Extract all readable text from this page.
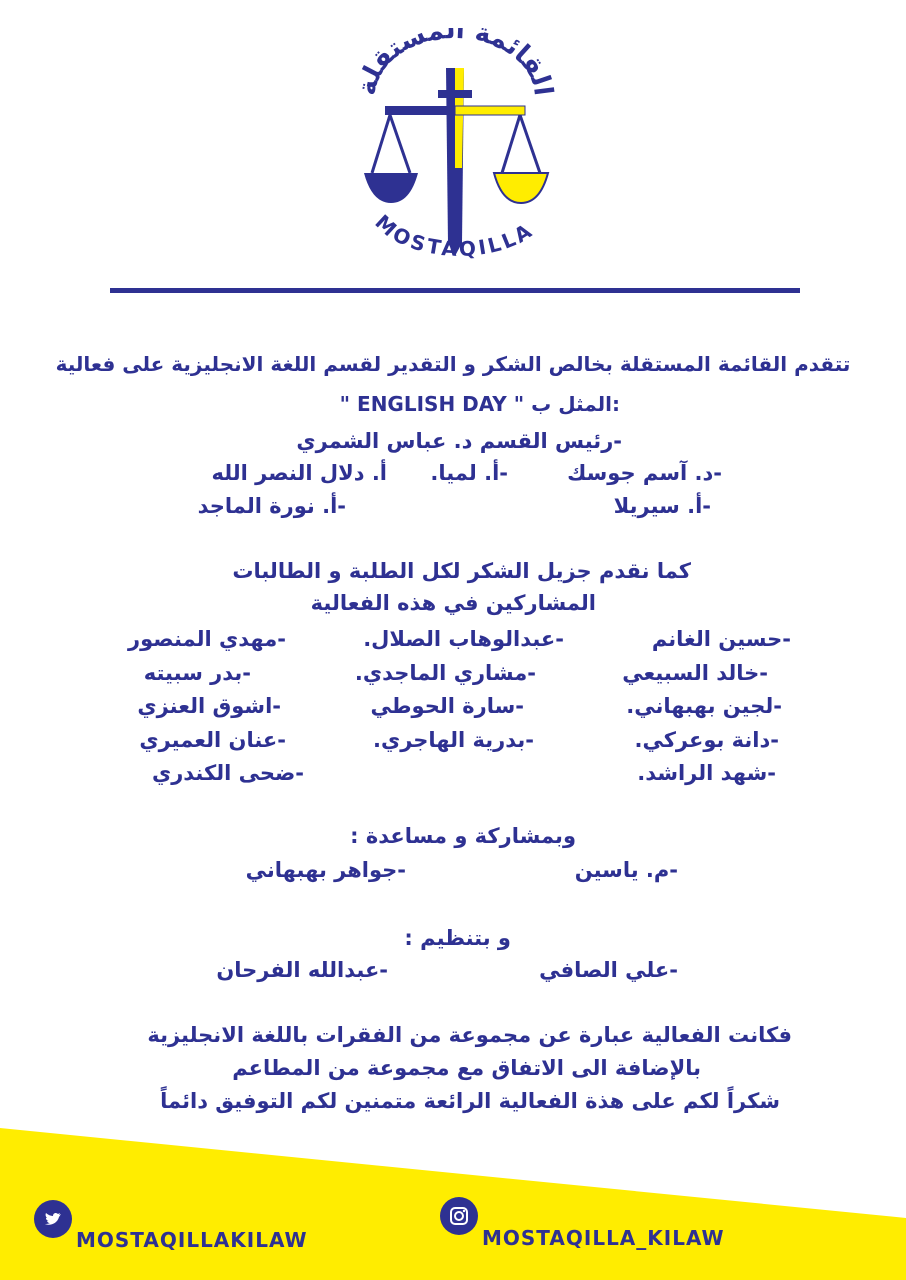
القائمة المستقلة
MOSTAQILLA
تتقدم القائمة المستقلة بخالص الشكر و التقدير لقسم اللغة الانجليزية على فعالية
:المثل ب " ENGLISH DAY "
-رئيس القسم د. عباس الشمري
-د. آسم جوسك
-أ. لميا.
أ. دلال النصر الله
-أ. سيريلا
-أ. نورة الماجد
كما نقدم جزيل الشكر لكل الطلبة و الطالبات
المشاركين في هذه الفعالية
-حسين الغانم
-خالد السبيعي
-لجين بهبهاني.
-دانة بوعركي.
-شهد الراشد.
-عبدالوهاب الصلال.
-مشاري الماجدي.
-سارة الحوطي
-بدرية الهاجري.
-مهدي المنصور
-بدر سبيته
-اشوق العنزي
-عنان العميري
-ضحى الكندري
وبمشاركة و مساعدة :
-م. ياسين
-جواهر بهبهاني
و بتنظيم :
-علي الصافي
-عبدالله الفرحان
فكانت الفعالية عبارة عن مجموعة من الفقرات باللغة الانجليزية
بالإضافة الى الاتفاق مع مجموعة من المطاعم
شكراً لكم على هذة الفعالية الرائعة متمنين لكم التوفيق دائماً
MOSTAQILLAKILAW	MOSTAQILLA_KILAW
